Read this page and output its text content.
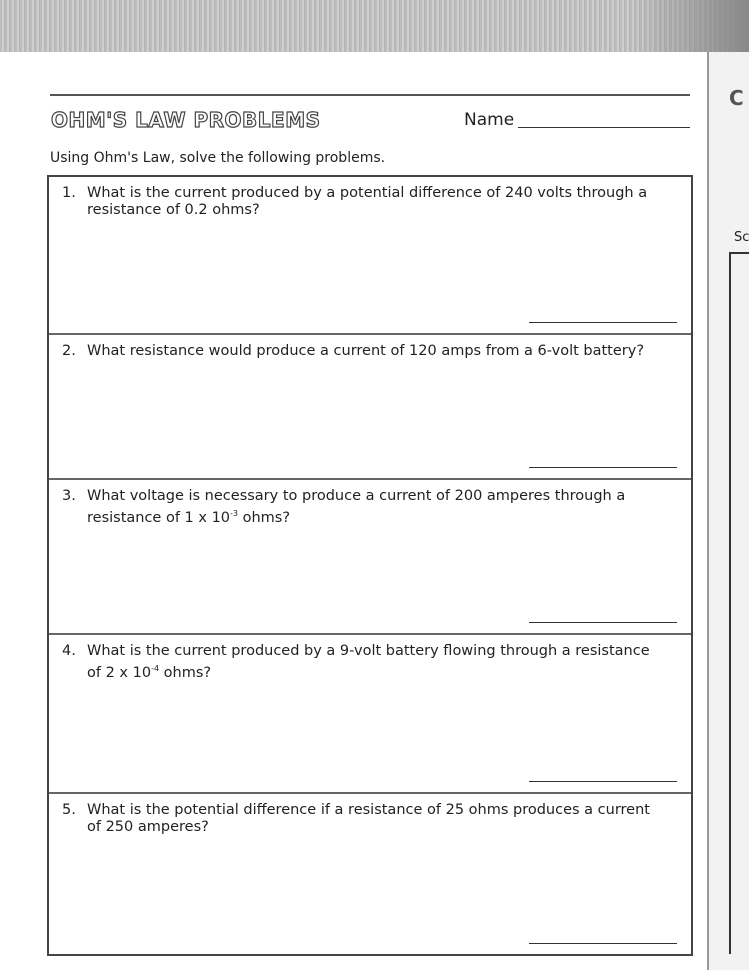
C
Sc
OHM'S LAW PROBLEMS	Name
Using Ohm's Law, solve the following problems.
1. What is the current produced by a potential difference of 240 volts through a resistance of 0.2 ohms?
2. What resistance would produce a current of 120 amps from a 6-volt battery?
3. What voltage is necessary to produce a current of 200 amperes through a resistance of 1 x $10^{-3}$ ohms?
4. What is the current produced by a 9-volt battery flowing through a resistance of 2 x $10^{-4}$ ohms?
5. What is the potential difference if a resistance of 25 ohms produces a current of 250 amperes?
